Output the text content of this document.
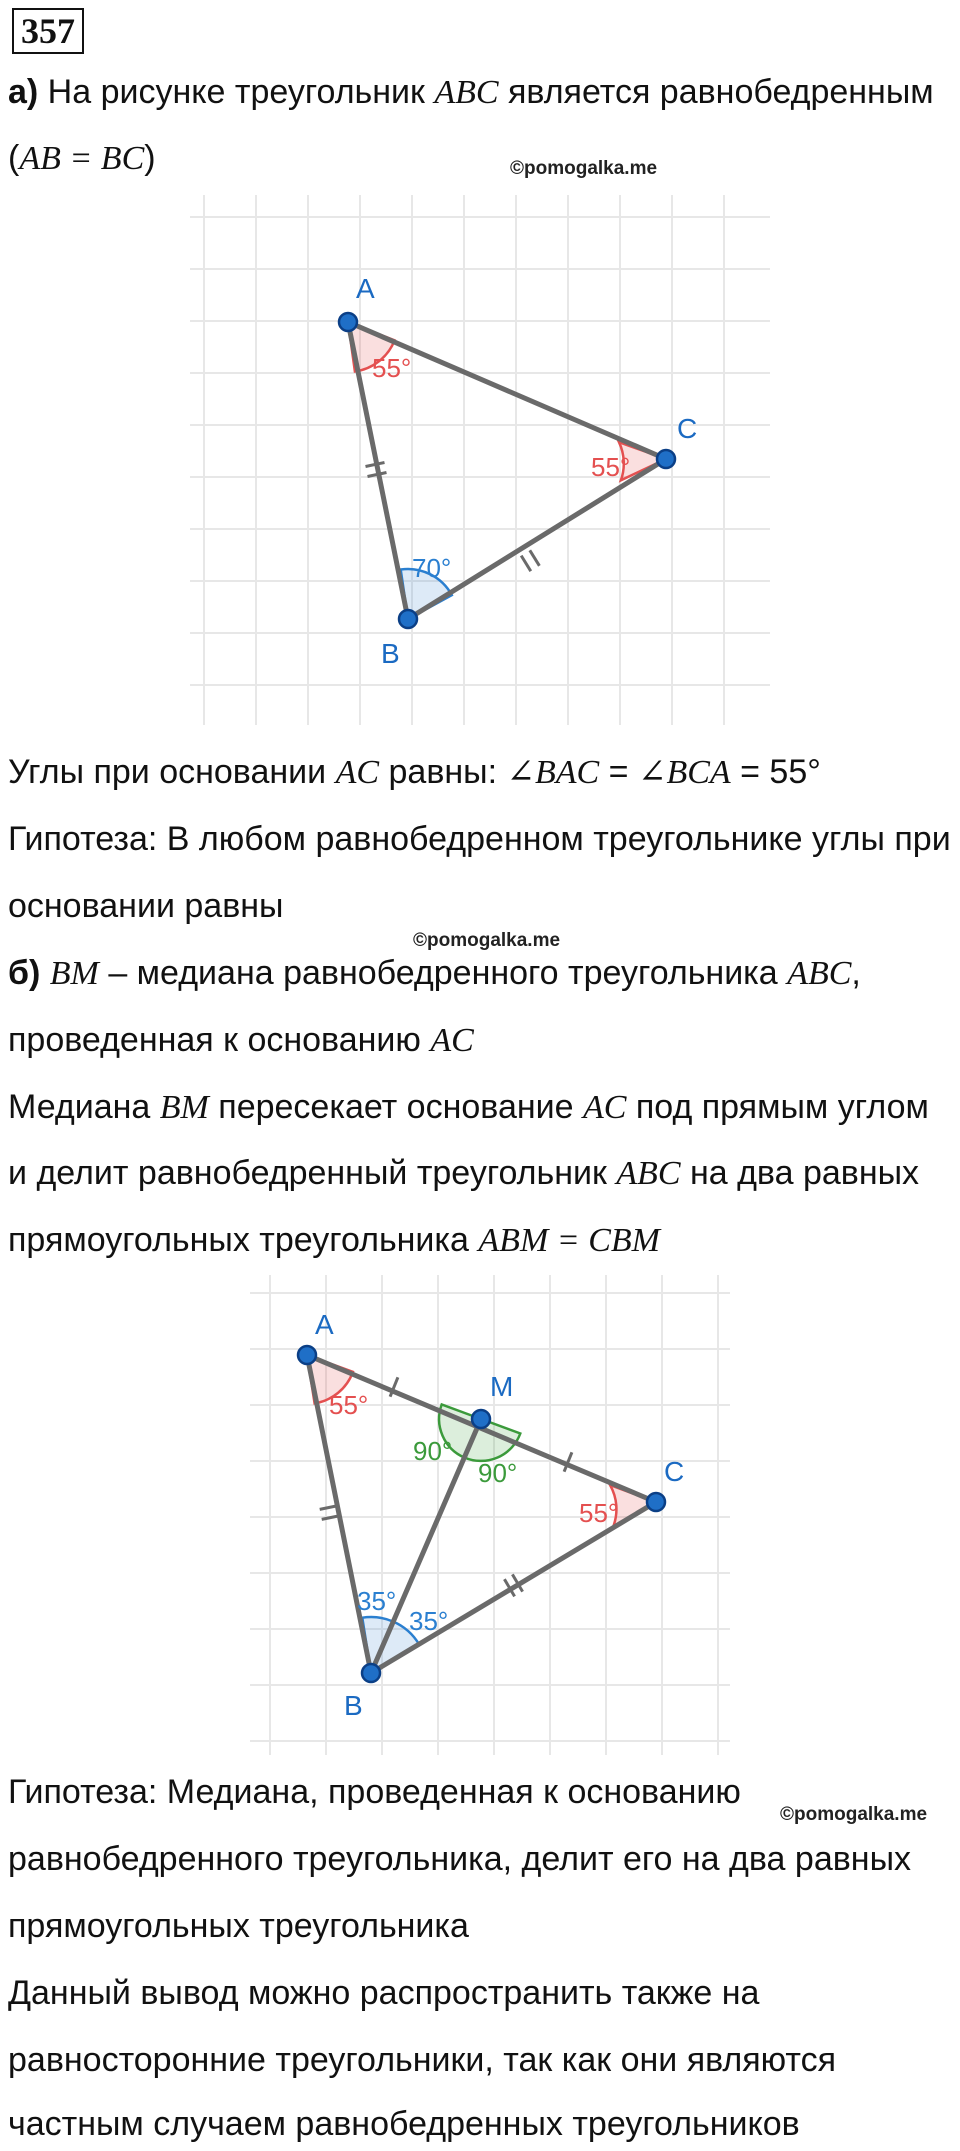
357
а) На рисунке треугольник ABC является равнобедренным
(AB = BC)	©pomogalka.me
A
B
C
55°
55°
70°
Углы при основании AC равны: ∠BAC = ∠BCA = 55°
Гипотеза: В любом равнобедренном треугольнике углы при
основании равны
©pomogalka.me
б) BM – медиана равнобедренного треугольника ABC,
проведенная к основанию AC
Медиана BM пересекает основание AC под прямым углом
и делит равнобедренный треугольник ABC на два равных
прямоугольных треугольника ABM = CBM
A
B
C
M
55°
55°
90°
90°
35°
35°
Гипотеза: Медиана, проведенная к основанию
©pomogalka.me
равнобедренного треугольника, делит его на два равных
прямоугольных треугольника
Данный вывод можно распространить также на
равносторонние треугольники, так как они являются
частным случаем равнобедренных треугольников
